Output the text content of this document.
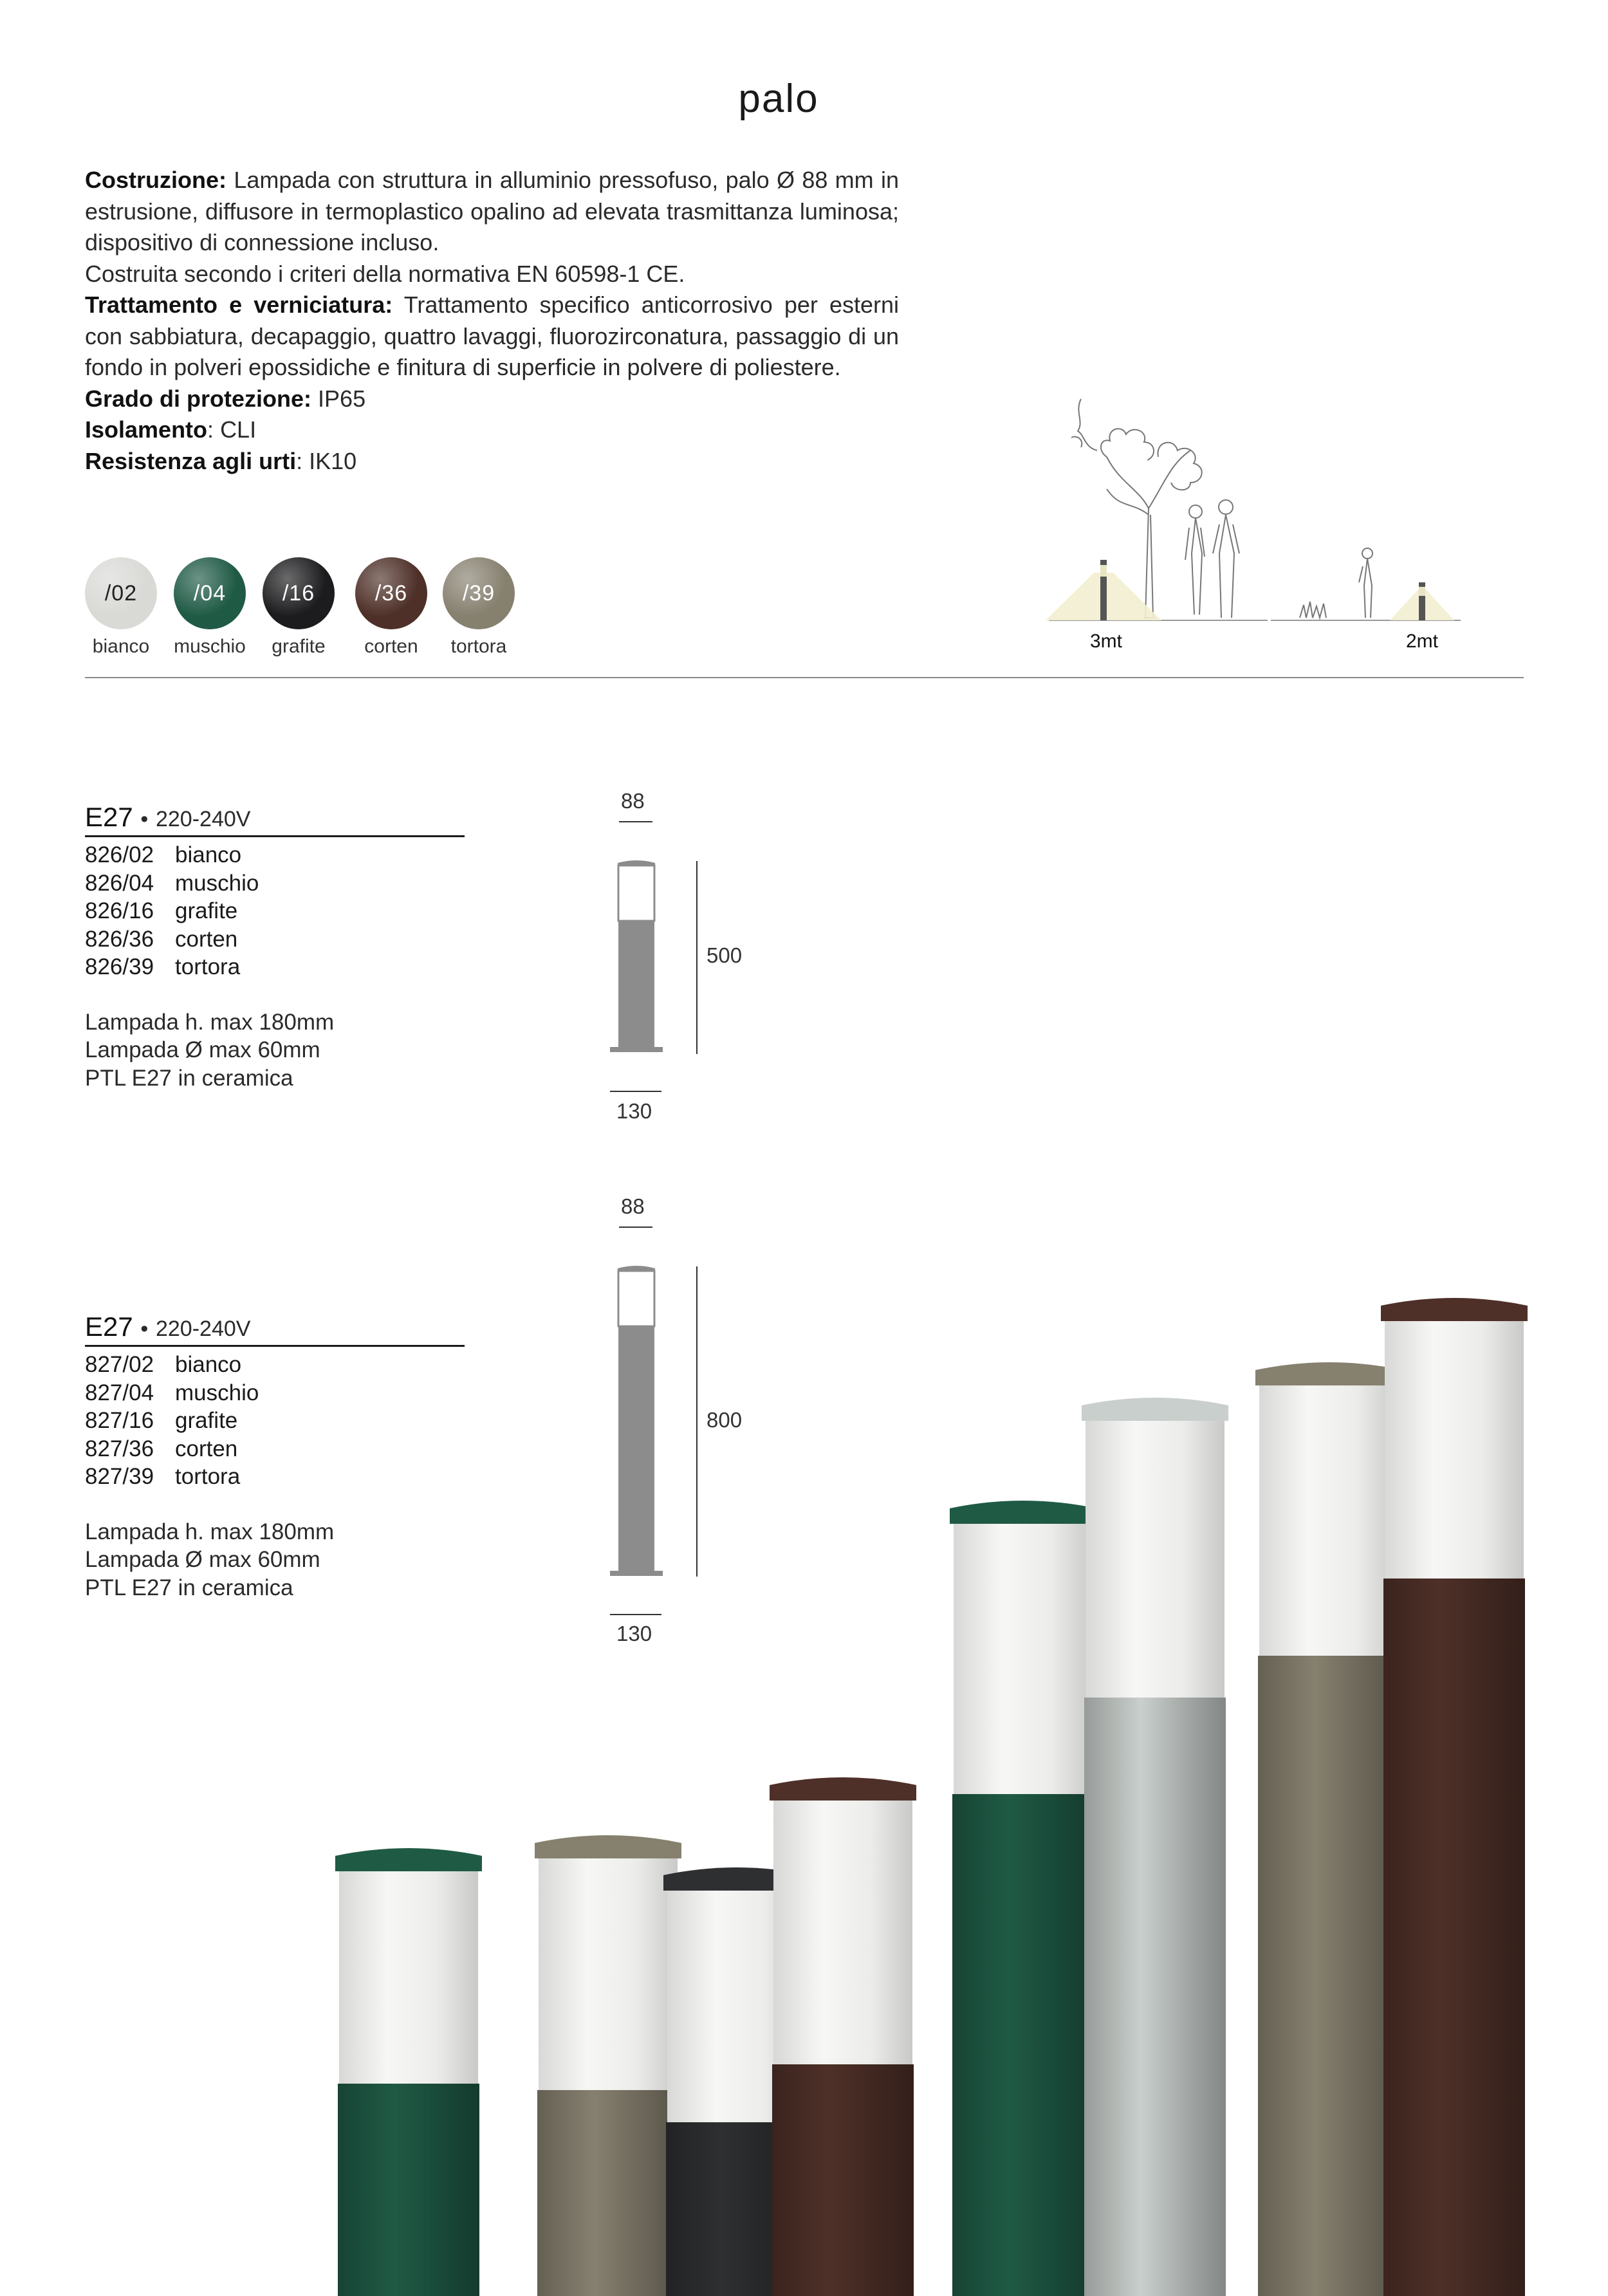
palo
Costruzione: Lampada con struttura in alluminio pressofuso, palo Ø 88 mm in estrusione, diffusore in termoplastico opalino ad elevata trasmittanza luminosa; dispositivo di connessione incluso.
Costruita secondo i criteri della normativa EN 60598-1 CE.
Trattamento e verniciatura: Trattamento specifico anticorrosivo per esterni con sabbiatura, decapaggio, quattro lavaggi, fluorozirconatura, passaggio di un fondo in polveri epossidiche e finitura di superficie in polvere di poliestere.
Grado di protezione: IP65
Isolamento: CLI
Resistenza agli urti: IK10
/02
bianco
/04
muschio
/16
grafite
/36
corten
/39
tortora	3mt	2mt
E27 • 220-240V
826/02 bianco
826/04 muschio
826/16 grafite
826/36 corten
826/39 tortora
Lampada h. max 180mm
Lampada Ø max 60mm
PTL E27 in ceramica
88
500
130
E27 • 220-240V
827/02 bianco
827/04 muschio
827/16 grafite
827/36 corten
827/39 tortora
Lampada h. max 180mm
Lampada Ø max 60mm
PTL E27 in ceramica
88
800
130
